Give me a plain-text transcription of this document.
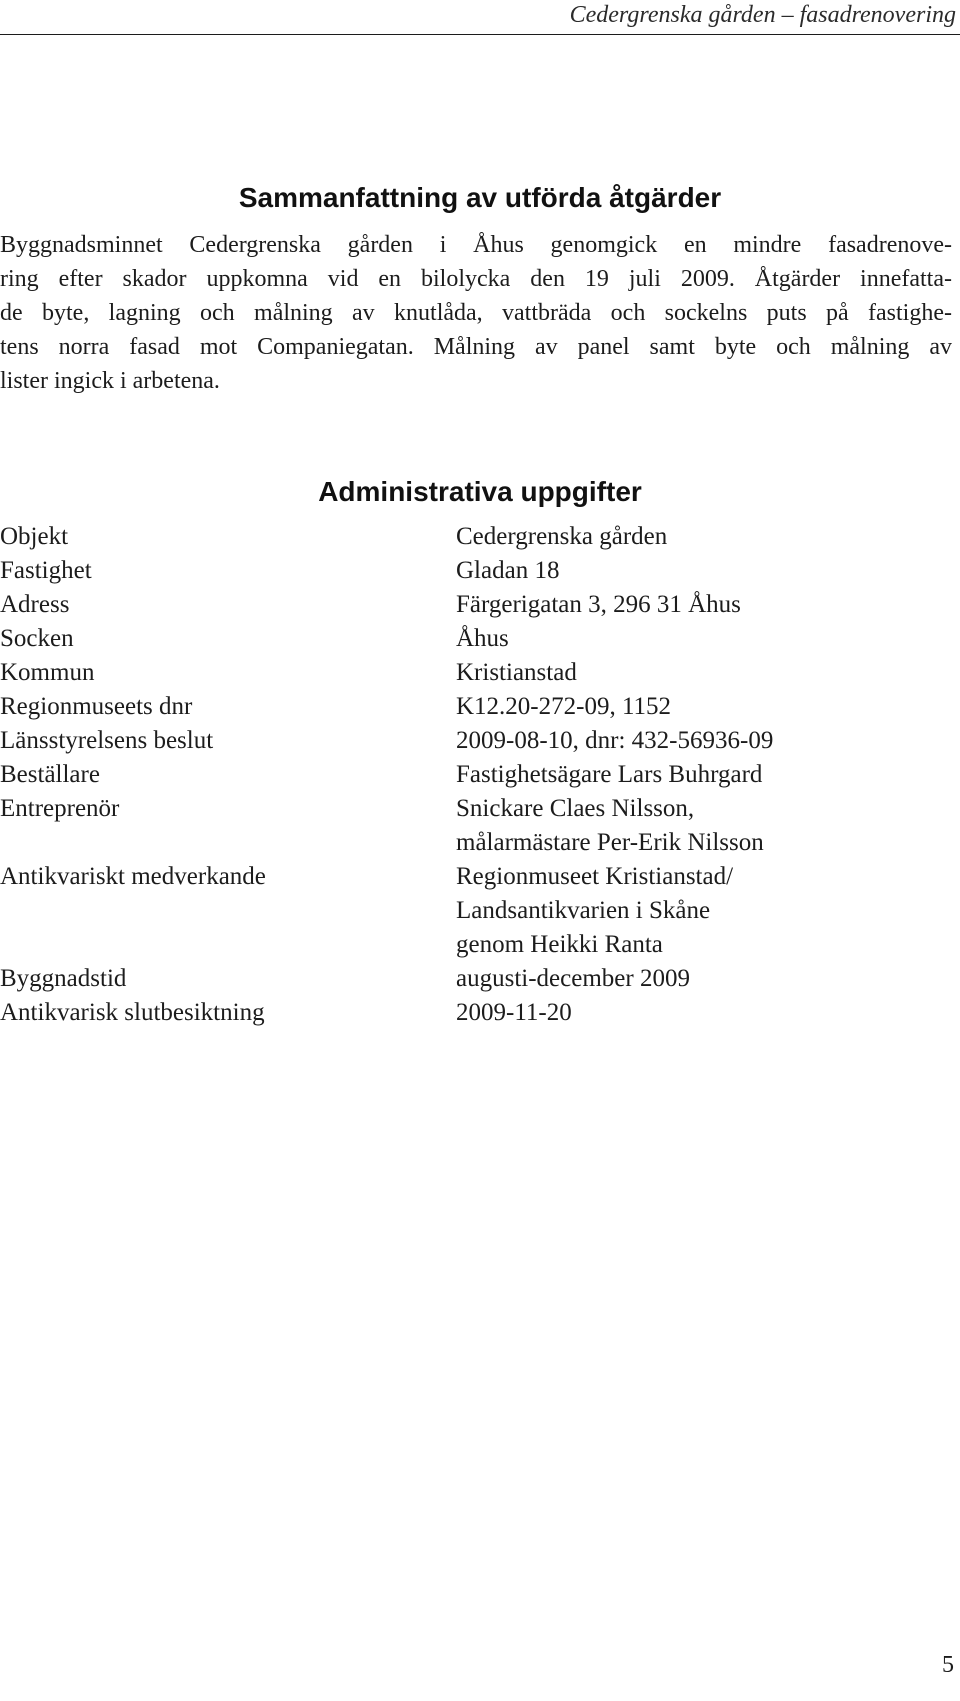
Cedergrenska gården – fasadrenovering
Sammanfattning av utförda åtgärder

Byggnadsminnet Cedergrenska gården i Åhus genomgick en mindre fasadrenove-
ring efter skador uppkomna vid en bilolycka den 19 juli 2009. Åtgärder innefatta-
de byte, lagning och målning av knutlåda, vattbräda och sockelns puts på fastighe-
tens norra fasad mot Companiegatan. Målning av panel samt byte och målning av
lister ingick i arbetena.

Administrativa uppgifter
Objekt	Cedergrenska gården
Fastighet	Gladan 18
Adress	Färgerigatan 3, 296 31 Åhus
Socken	Åhus
Kommun	Kristianstad
Regionmuseets dnr	K12.20-272-09, 1152
Länsstyrelsens beslut	2009-08-10, dnr: 432-56936-09
Beställare	Fastighetsägare Lars Buhrgard
Entreprenör	Snickare Claes Nilsson,
målarmästare Per-Erik Nilsson
Antikvariskt medverkande	Regionmuseet Kristianstad/
Landsantikvarien i Skåne
genom Heikki Ranta
Byggnadstid	augusti-december 2009
Antikvarisk slutbesiktning	2009-11-20
5
